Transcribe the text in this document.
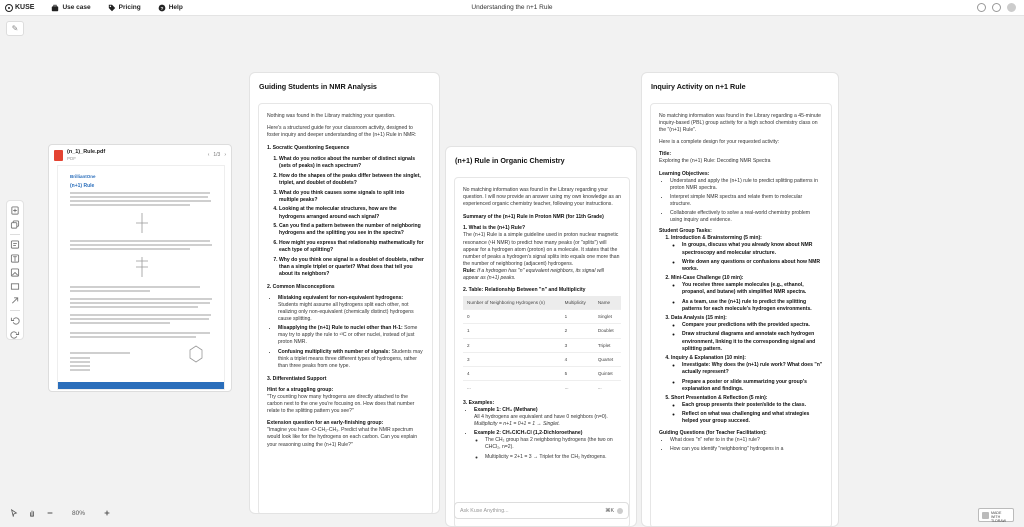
KUSE	Use case	Pricing	? Help	Understanding the n+1 Rule
✎
80%	MADE WITH
TLDRAW
(n_1)_Rule.pdf
PDF
‹ 1/3 ›
BrilliantOne
(n+1) Rule
Guiding Students in NMR Analysis

Nothing was found in the Library matching your question.

Here's a structured guide for your classroom activity, designed to foster inquiry and deeper understanding of the (n+1) Rule in NMR:

1. Socratic Questioning Sequence
1. What do you notice about the number of distinct signals (sets of peaks) in each spectrum?
2. How do the shapes of the peaks differ between the singlet, triplet, and doublet of doublets?
3. What do you think causes some signals to split into multiple peaks?
4. Looking at the molecular structures, how are the hydrogens arranged around each signal?
5. Can you find a pattern between the number of neighboring hydrogens and the splitting you see in the spectra?
6. How might you express that relationship mathematically for each type of splitting?
7. Why do you think one signal is a doublet of doublets, rather than a simple triplet or quartet? What does that tell you about its neighbors?
2. Common Misconceptions
• Mistaking equivalent for non-equivalent hydrogens: Students might assume all hydrogens split each other, not realizing only non-equivalent (chemically distinct) hydrogens cause splitting.
• Misapplying the (n+1) Rule to nuclei other than H-1: Some may try to apply the rule to ¹³C or other nuclei, instead of just proton NMR.
• Confusing multiplicity with number of signals: Students may think a triplet means three different types of hydrogens, rather than three peaks from one type.
3. Differentiated Support
Hint for a struggling group:

"Try counting how many hydrogens are directly attached to the carbon next to the one you're focusing on. How does that number relate to the splitting pattern you see?"

Extension question for an early-finishing group:

"Imagine you have -O-CH₂-CH₃. Predict what the NMR spectrum would look like for the hydrogens on each carbon. Can you explain your reasoning using the (n+1) Rule?"

(n+1) Rule in Organic Chemistry

No matching information was found in the Library regarding your question. I will now provide an answer using my own knowledge as an experienced organic chemistry teacher, following your instructions.

Summary of the (n+1) Rule in Proton NMR (for 11th Grade)
1. What is the (n+1) Rule?

The (n+1) Rule is a simple guideline used in proton nuclear magnetic resonance (¹H NMR) to predict how many peaks (or "splits") will appear for a hydrogen atom (proton) on a molecule. It states that the number of peaks a hydrogen's signal splits into equals one more than the number of neighboring (adjacent) hydrogens.

Rule: If a hydrogen has "n" equivalent neighbors, its signal will appear as (n+1) peaks.

2. Table: Relationship Between "n" and Multiplicity
Number of Neighboring Hydrogens (n)	Multiplicity	Name
0	1	Singlet
1	2	Doublet
2	3	Triplet
3	4	Quartet
4	5	Quintet
...	...	...
3. Examples:
• Example 1: CH₄ (Methane)
All 4 hydrogens are equivalent and have 0 neighbors (n=0).
Multiplicity = n+1 = 0+1 = 1 → Singlet.
• Example 2: CH₂ClCH₂Cl (1,2-Dichloroethane)
◦ The CH₂ group has 2 neighboring hydrogens (the two on CHCl₂, n=2).
◦ Multiplicity = 2+1 = 3 → Triplet for the CH₂ hydrogens.
Ask Kuse Anything...	⌘K
Inquiry Activity on n+1 Rule

No matching information was found in the Library regarding a 45-minute inquiry-based (PBL) group activity for a high school chemistry class on the "(n+1) Rule".

Here is a complete design for your requested activity:

Title:

Exploring the (n+1) Rule: Decoding NMR Spectra

Learning Objectives:
• Understand and apply the (n+1) rule to predict splitting patterns in proton NMR spectra.
• Interpret simple NMR spectra and relate them to molecular structure.
• Collaborate effectively to solve a real-world chemistry problem using inquiry and evidence.
Student Group Tasks:
1. Introduction & Brainstorming (5 min):
◦ In groups, discuss what you already know about NMR spectroscopy and molecular structure.
◦ Write down any questions or confusions about how NMR works.
2. Mini-Case Challenge (10 min):
◦ You receive three sample molecules (e.g., ethanol, propanol, and butane) with simplified NMR spectra.
◦ As a team, use the (n+1) rule to predict the splitting patterns for each molecule's hydrogen environments.
3. Data Analysis (15 min):
◦ Compare your predictions with the provided spectra.
◦ Draw structural diagrams and annotate each hydrogen environment, linking it to the corresponding signal and splitting pattern.
4. Inquiry & Explanation (10 min):
◦ Investigate: Why does the (n+1) rule work? What does "n" actually represent?
◦ Prepare a poster or slide summarizing your group's explanation and findings.
5. Short Presentation & Reflection (5 min):
◦ Each group presents their poster/slide to the class.
◦ Reflect on what was challenging and what strategies helped your group succeed.
Guiding Questions (for Teacher Facilitation):
• What does "n" refer to in the (n+1) rule?
• How can you identify "neighboring" hydrogens in a
